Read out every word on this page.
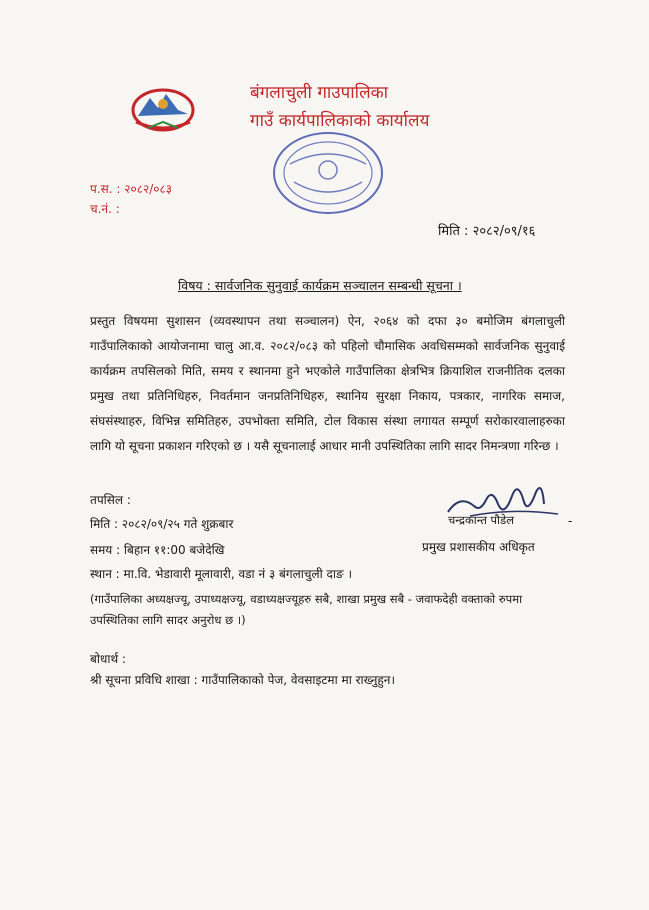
बंगलाचुली गाउपालिका
गाउँ कार्यपालिकाको कार्यालय
प.स. : २०८२/०८३
च.नं. :
मिति : २०८२/०९/१६
विषय : सार्वजनिक सुनुवाई कार्यक्रम सञ्चालन सम्बन्धी सूचना ।
प्रस्तुत विषयमा सुशासन (व्यवस्थापन तथा सञ्चालन) ऐन, २०६४ को दफा ३० बमोजिम बंगलाचुली गाउँपालिकाको आयोजनामा चालु आ.व. २०८२/०८३ को पहिलो चौमासिक अवधिसम्मको सार्वजनिक सुनुवाई कार्यक्रम तपसिलको मिति, समय र स्थानमा हुने भएकोले गाउँपालिका क्षेत्रभित्र क्रियाशिल राजनीतिक दलका प्रमुख तथा प्रतिनिधिहरु, निवर्तमान जनप्रतिनिधिहरु, स्थानिय सुरक्षा निकाय, पत्रकार, नागरिक समाज, संघसंस्थाहरु, विभिन्न समितिहरु, उपभोक्ता समिति, टोल विकास संस्था लगायत सम्पूर्ण सरोकारवालाहरुका लागि यो सूचना प्रकाशन गरिएको छ । यसै सूचनालाई आधार मानी उपस्थितिका लागि सादर निमन्त्रणा गरिन्छ ।
तपसिल :
मिति : २०८२/०९/२५ गते शुक्रबार
समय : बिहान ११:00 बजेदेखि
स्थान : मा.वि. भेडावारी मूलावारी, वडा नं ३ बंगलाचुली दाङ ।
(गाउँपालिका अध्यक्षज्यू, उपाध्यक्षज्यू, वडाध्यक्षज्यूहरु सबै, शाखा प्रमुख सबै - जवाफदेही वक्ताको रुपमा उपस्थितिका लागि सादर अनुरोध छ ।)
चन्द्रकान्त पौडेल	-
प्रमुख प्रशासकीय अधिकृत
बोधार्थ :
श्री सूचना प्रविधि शाखा : गाउँपालिकाको पेज, वेवसाइटमा मा राख्नुहुन।
